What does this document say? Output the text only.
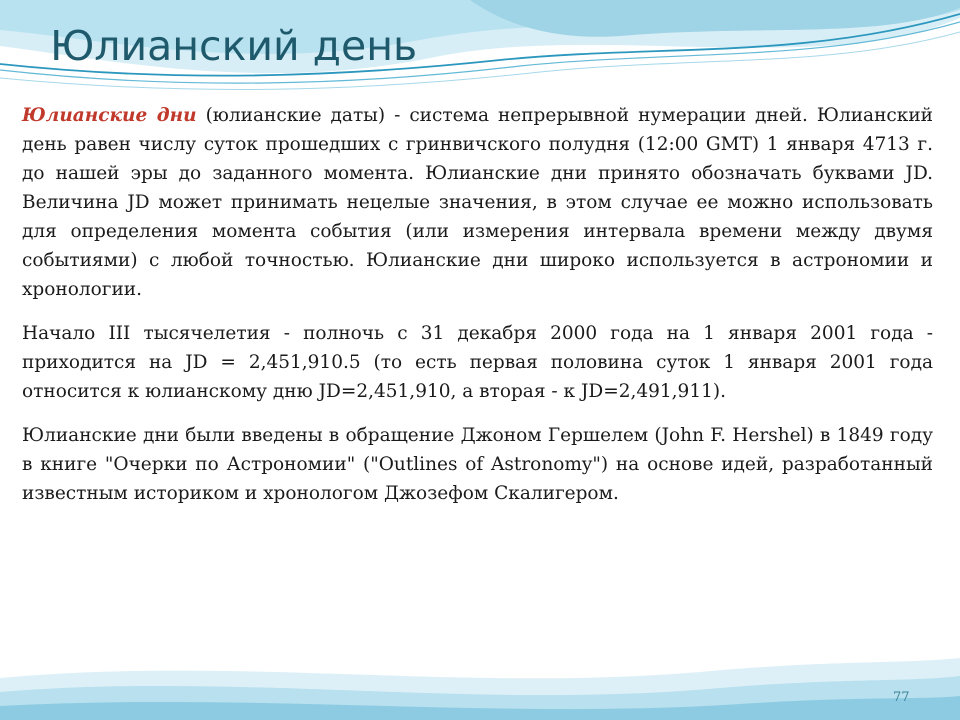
Юлианский день

Юлианские дни (юлианские даты) - система непрерывной нумерации дней. Юлианский день равен числу суток прошедших с гринвичского полудня (12:00 GMT) 1 января 4713 г. до нашей эры до заданного момента. Юлианские дни принято обозначать буквами JD. Величина JD может принимать нецелые значения, в этом случае ее можно использовать для определения момента события (или измерения интервала времени между двумя событиями) с любой точностью. Юлианские дни широко используется в астрономии и хронологии.

Начало III тысячелетия - полночь с 31 декабря 2000 года на 1 января 2001 года - приходится на JD = 2,451,910.5 (то есть первая половина суток 1 января 2001 года относится к юлианскому дню JD=2,451,910, а вторая - к JD=2,491,911).

Юлианские дни были введены в обращение Джоном Гершелем (John F. Hershel) в 1849 году в книге "Очерки по Астрономии" ("Outlines of Astronomy") на основе идей, разработанный известным историком и хронологом Джозефом Скалигером.

77
